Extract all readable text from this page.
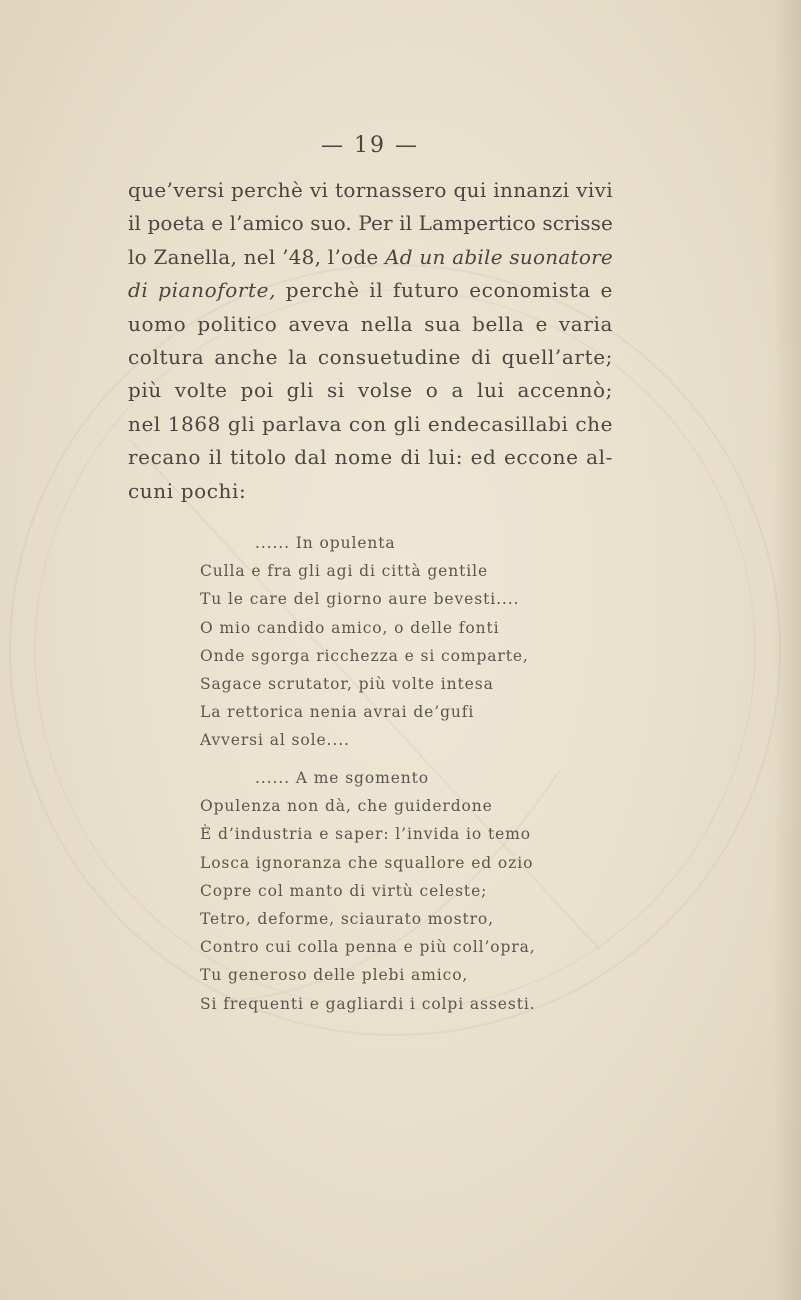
— 19 —
que’versi perchè vi tornassero qui innanzi vivi
il poeta e l’amico suo. Per il Lampertico scrisse
lo Zanella, nel ’48, l’ode Ad un abile suonatore
di pianoforte, perchè il futuro economista e
uomo politico aveva nella sua bella e varia
coltura anche la consuetudine di quell’arte;
più volte poi gli si volse o a lui accennò;
nel 1868 gli parlava con gli endecasillabi che
recano il titolo dal nome di lui: ed eccone al-
cuni pochi:
...... In opulenta
Culla e fra gli agi di città gentile
Tu le care del giorno aure bevesti....
O mio candido amico, o delle fonti
Onde sgorga ricchezza e si comparte,
Sagace scrutator, più volte intesa
La rettorica nenia avrai de’gufi
Avversi al sole....
...... A me sgomento
Opulenza non dà, che guiderdone
È d’industria e saper: l’invida io temo
Losca ignoranza che squallore ed ozio
Copre col manto di virtù celeste;
Tetro, deforme, sciaurato mostro,
Contro cui colla penna e più coll’opra,
Tu generoso delle plebi amico,
Si frequenti e gagliardi i colpi assesti.
